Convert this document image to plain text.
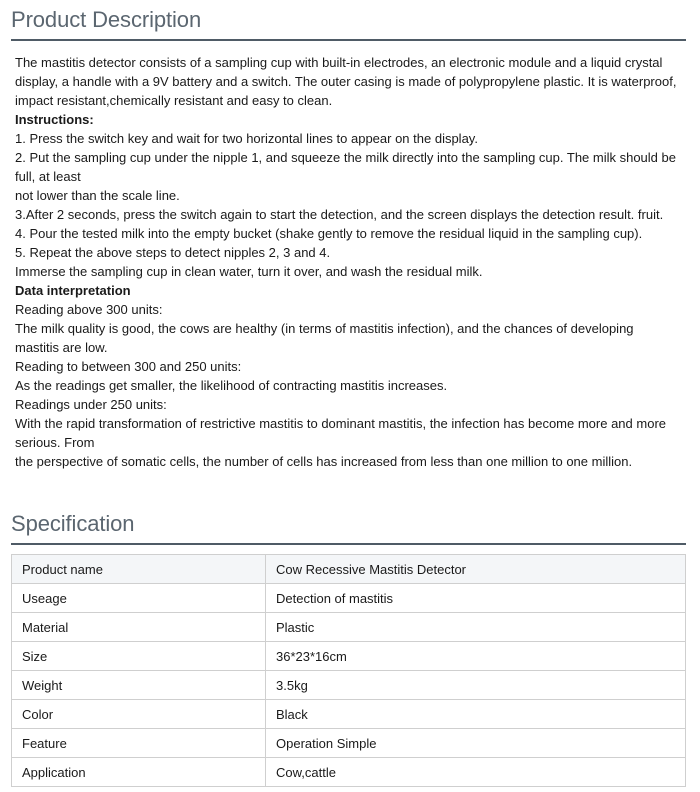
Product Description

The mastitis detector consists of a sampling cup with built-in electrodes, an electronic module and a liquid crystal display, a handle with a 9V battery and a switch. The outer casing is made of polypropylene plastic. It is waterproof, impact resistant,chemically resistant and easy to clean.

Instructions:

1. Press the switch key and wait for two horizontal lines to appear on the display.

2. Put the sampling cup under the nipple 1, and squeeze the milk directly into the sampling cup. The milk should be full, at least

not lower than the scale line.

3.After 2 seconds, press the switch again to start the detection, and the screen displays the detection result. fruit.

4. Pour the tested milk into the empty bucket (shake gently to remove the residual liquid in the sampling cup).

5. Repeat the above steps to detect nipples 2, 3 and 4.

Immerse the sampling cup in clean water, turn it over, and wash the residual milk.

Data interpretation

Reading above 300 units:

The milk quality is good, the cows are healthy (in terms of mastitis infection), and the chances of developing mastitis are low.

Reading to between 300 and 250 units:

As the readings get smaller, the likelihood of contracting mastitis increases.

Readings under 250 units:

With the rapid transformation of restrictive mastitis to dominant mastitis, the infection has become more and more serious. From

the perspective of somatic cells, the number of cells has increased from less than one million to one million.

Specification
Product name	Cow Recessive Mastitis Detector
Useage	Detection of mastitis
Material	Plastic
Size	36*23*16cm
Weight	3.5kg
Color	Black
Feature	Operation Simple
Application	Cow,cattle
